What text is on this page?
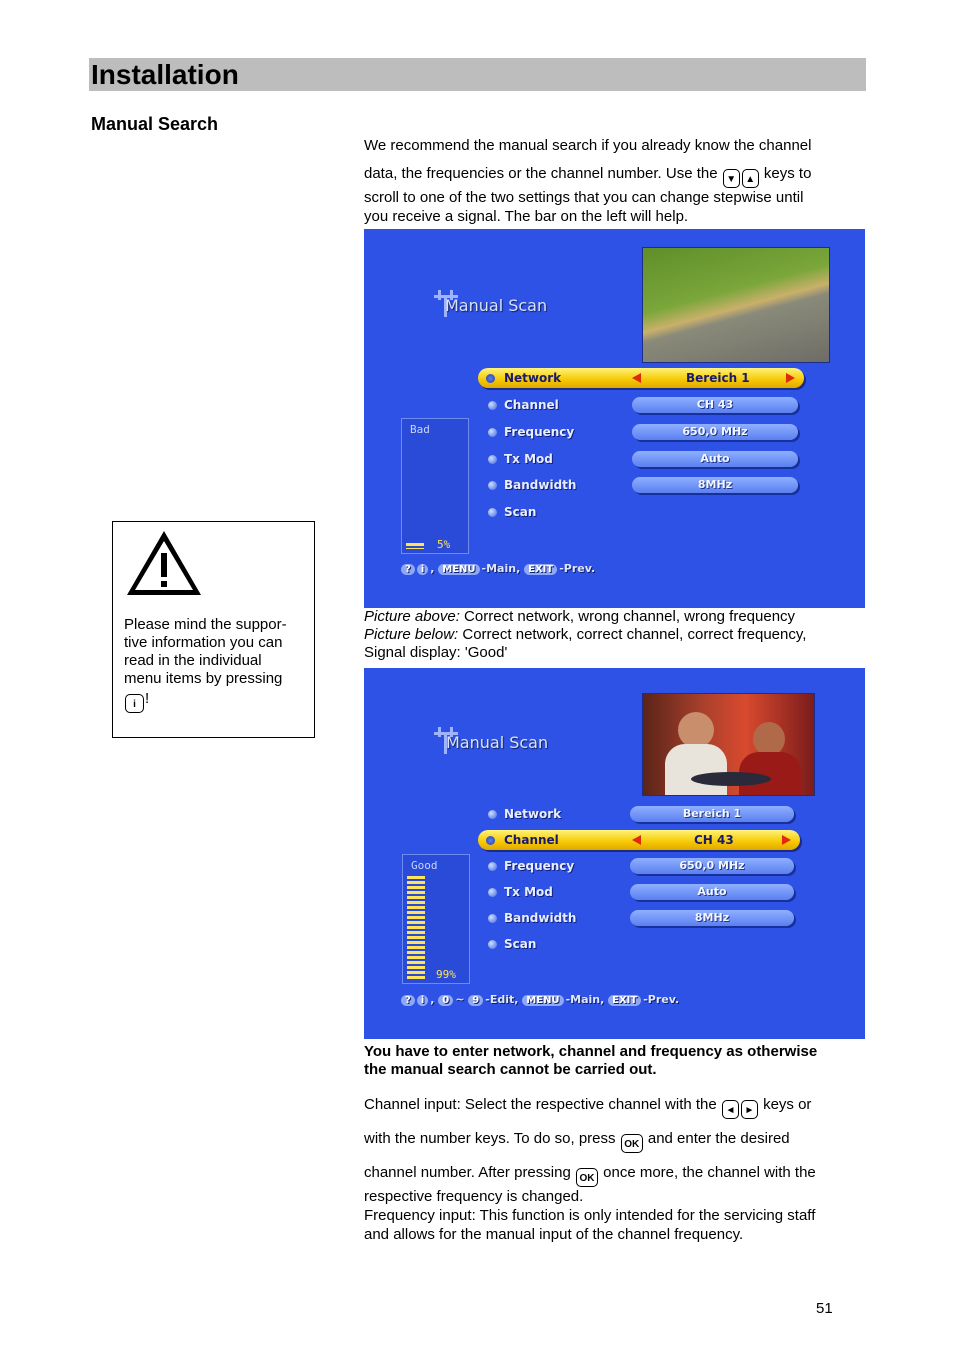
Installation
Manual Search
We recommend the manual search if you already know the channel
data, the frequencies or the channel number. Use the ▼ ▲ keys to
scroll to one of the two settings that you can change stepwise until
you receive a signal. The bar on the left will help.
Please mind the suppor-
tive information you can
read in the individual
menu items by pressing
i !
Manual Scan
Network	Bereich 1
Channel	CH 43
Frequency	650,0 MHz
Tx Mod	Auto
Bandwidth	8MHz
Scan
Bad
5%
? i , MENU -Main, EXIT -Prev.
Picture above: Correct network, wrong channel, wrong frequency
Picture below: Correct network, correct channel, correct frequency,
Signal display: 'Good'
Manual Scan
Network	Bereich 1
Channel	CH 43
Frequency	650,0 MHz
Tx Mod	Auto
Bandwidth	8MHz
Scan
Good
99%
? i , 0 ~ 9 -Edit, MENU -Main, EXIT -Prev.
You have to enter network, channel and frequency as otherwise
the manual search cannot be carried out.
Channel input: Select the respective channel with the ◄ ► keys or
with the number keys. To do so, press OK and enter the desired
channel number. After pressing OK once more, the channel with the
respective frequency is changed.
Frequency input: This function is only intended for the servicing staff
and allows for the manual input of the channel frequency.
51
